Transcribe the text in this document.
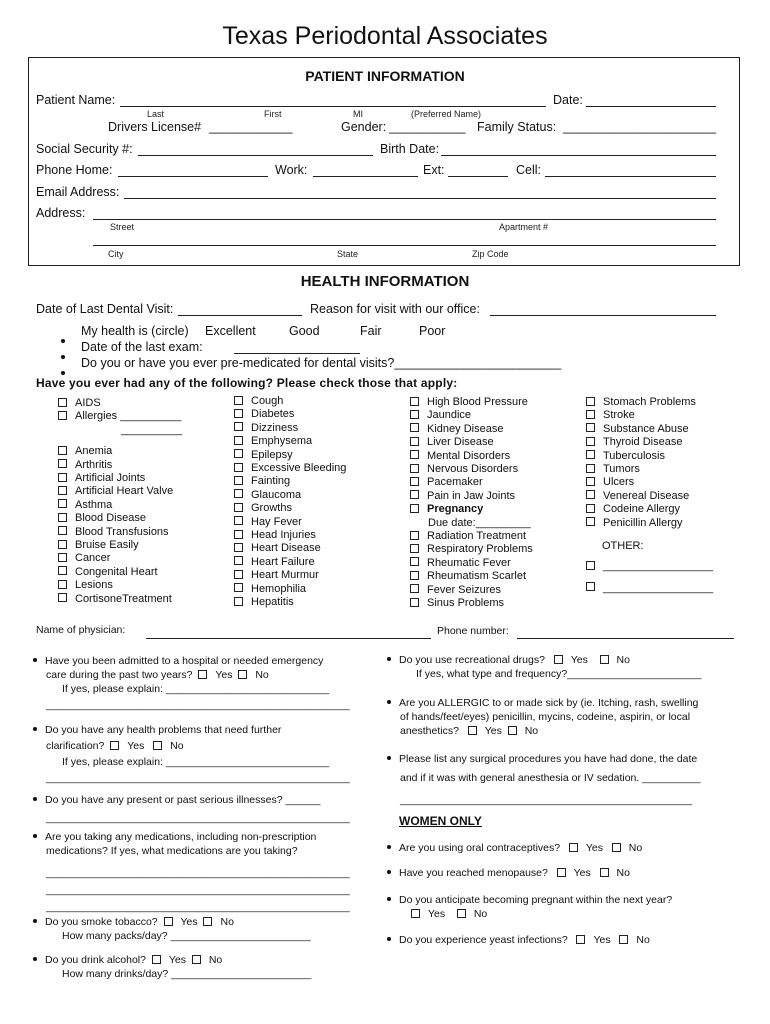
Texas Periodontal Associates
PATIENT INFORMATION
Patient Name:	Date:
Last	First	MI	(Preferred Name)
Drivers License# ____________	Gender: ___________ Family Status: ______________________
Social Security #:	Birth Date:
Phone Home:	Work:	Ext:	Cell:
Email Address:
Address:
Street	Apartment #
City	State	Zip Code
HEALTH INFORMATION
Date of Last Dental Visit:	Reason for visit with our office:
My health is (circle) Excellent	Good	Fair	Poor
Date of the last exam:
Do you or have you ever pre-medicated for dental visits?________________________
Have you ever had any of the following? Please check those that apply:
AIDS
Allergies __________
__________
Anemia
Arthritis
Artificial Joints
Artificial Heart Valve
Asthma
Blood Disease
Blood Transfusions
Bruise Easily
Cancer
Congenital Heart
Lesions
CortisoneTreatment
Cough
Diabetes
Dizziness
Emphysema
Epilepsy
Excessive Bleeding
Fainting
Glaucoma
Growths
Hay Fever
Head Injuries
Heart Disease
Heart Failure
Heart Murmur
Hemophilia
Hepatitis
High Blood Pressure
Jaundice
Kidney Disease
Liver Disease
Mental Disorders
Nervous Disorders
Pacemaker
Pain in Jaw Joints
Pregnancy
Due date:_________
Radiation Treatment
Respiratory Problems
Rheumatic Fever
Rheumatism Scarlet
Fever Seizures
Sinus Problems
Stomach Problems
Stroke
Substance Abuse
Thyroid Disease
Tuberculosis
Tumors
Ulcers
Venereal Disease
Codeine Allergy
Penicillin Allergy
OTHER:
__________________
__________________
Name of physician:	Phone number:
Have you been admitted to a hospital or needed emergency
care during the past two years? Yes No
If yes, please explain: ____________________________
____________________________________________________
Do you have any health problems that need further
clarification? Yes No
If yes, please explain: ____________________________
____________________________________________________
Do you have any present or past serious illnesses? ______
____________________________________________________
Are you taking any medications, including non-prescription
medications? If yes, what medications are you taking?
____________________________________________________
____________________________________________________
____________________________________________________
Do you smoke tobacco? Yes No
How many packs/day? ________________________
Do you drink alcohol? Yes No
How many drinks/day? ________________________
Do you use recreational drugs? Yes	No
If yes, what type and frequency?_______________________
Are you ALLERGIC to or made sick by (ie. Itching, rash, swelling
of hands/feet/eyes) penicillin, mycins, codeine, aspirin, or local
anesthetics? Yes No
Please list any surgical procedures you have had done, the date
and if it was with general anesthesia or IV sedation. __________
__________________________________________________
WOMEN ONLY
Are you using oral contraceptives? Yes No
Have you reached menopause? Yes No
Do you anticipate becoming pregnant within the next year?
Yes	No
Do you experience yeast infections? Yes No
